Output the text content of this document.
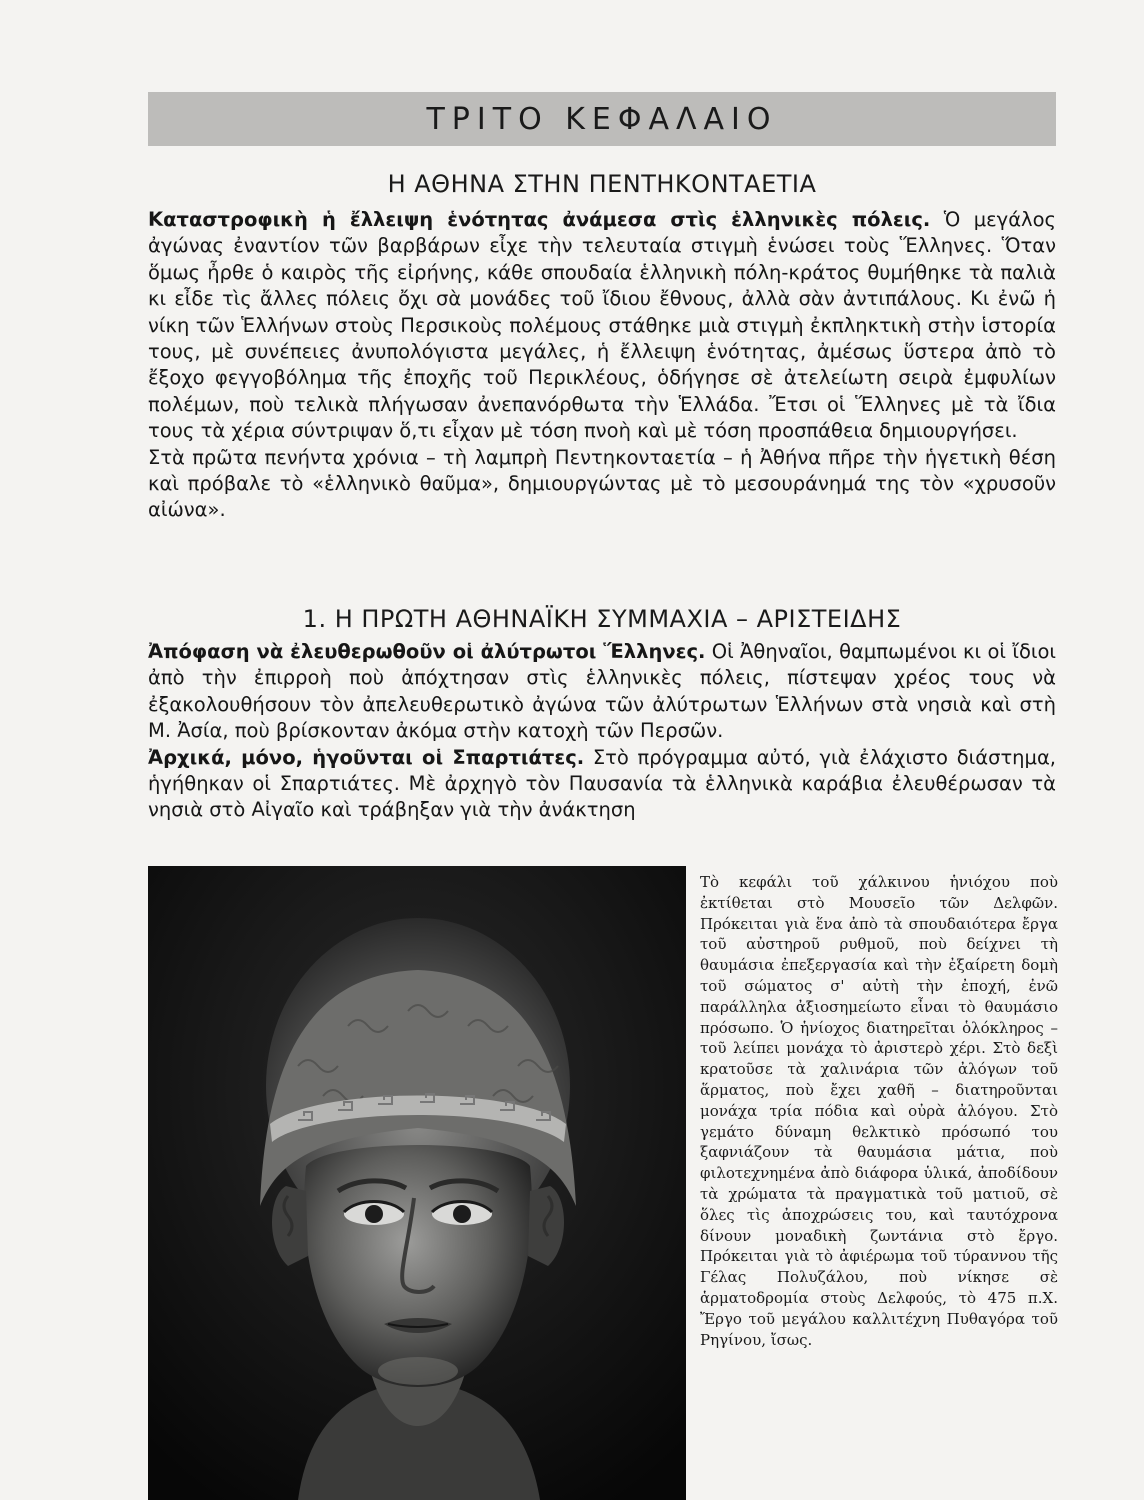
ΤΡΙΤΟ ΚΕΦΑΛΑΙΟ
Η ΑΘΗΝΑ ΣΤΗΝ ΠΕΝΤΗΚΟΝΤΑΕΤΙΑ

Καταστροφικὴ ἡ ἔλλειψη ἑνότητας ἀνάμεσα στὶς ἑλληνικὲς πόλεις. Ὁ μεγάλος ἀγώνας ἐναντίον τῶν βαρβάρων εἶχε τὴν τελευταία στιγμὴ ἑνώσει τοὺς Ἕλληνες. Ὅταν ὅμως ἦρθε ὁ καιρὸς τῆς εἰρήνης, κάθε σπουδαία ἑλληνικὴ πόλη-κράτος θυμήθηκε τὰ παλιὰ κι εἶδε τὶς ἄλλες πόλεις ὄχι σὰ μονάδες τοῦ ἴδιου ἔθνους, ἀλλὰ σὰν ἀντιπάλους. Κι ἐνῶ ἡ νίκη τῶν Ἑλλήνων στοὺς Περσικοὺς πολέμους στάθηκε μιὰ στιγμὴ ἐκπληκτικὴ στὴν ἱστορία τους, μὲ συνέπειες ἀνυπολόγιστα μεγάλες, ἡ ἔλλειψη ἑνότητας, ἀμέσως ὕστερα ἀπὸ τὸ ἔξοχο φεγγοβόλημα τῆς ἐποχῆς τοῦ Περικλέους, ὁδήγησε σὲ ἀτελείωτη σειρὰ ἐμφυλίων πολέμων, ποὺ τελικὰ πλήγωσαν ἀνεπανόρθωτα τὴν Ἑλλάδα. Ἔτσι οἱ Ἕλληνες μὲ τὰ ἴδια τους τὰ χέρια σύντριψαν ὅ,τι εἶχαν μὲ τόση πνοὴ καὶ μὲ τόση προσπάθεια δημιουργήσει.

Στὰ πρῶτα πενήντα χρόνια – τὴ λαμπρὴ Πεντηκονταετία – ἡ Ἀθήνα πῆρε τὴν ἡγετικὴ θέση καὶ πρόβαλε τὸ «ἑλληνικὸ θαῦμα», δημιουργώντας μὲ τὸ μεσουράνημά της τὸν «χρυσοῦν αἰώνα».

1. Η ΠΡΩΤΗ ΑΘΗΝΑΪΚΗ ΣΥΜΜΑΧΙΑ – ΑΡΙΣΤΕΙΔΗΣ

Ἀπόφαση νὰ ἐλευθερωθοῦν οἱ ἀλύτρωτοι Ἕλληνες. Οἱ Ἀθηναῖοι, θαμπωμένοι κι οἱ ἴδιοι ἀπὸ τὴν ἐπιρροὴ ποὺ ἀπόχτησαν στὶς ἑλληνικὲς πόλεις, πίστεψαν χρέος τους νὰ ἐξακολουθήσουν τὸν ἀπελευθερωτικὸ ἀγώνα τῶν ἀλύτρωτων Ἑλλήνων στὰ νησιὰ καὶ στὴ Μ. Ἀσία, ποὺ βρίσκονταν ἀκόμα στὴν κατοχὴ τῶν Περσῶν.

Ἀρχικά, μόνο, ἡγοῦνται οἱ Σπαρτιάτες. Στὸ πρόγραμμα αὐτό, γιὰ ἐλάχιστο διάστημα, ἡγήθηκαν οἱ Σπαρτιάτες. Μὲ ἀρχηγὸ τὸν Παυσανία τὰ ἑλληνικὰ καράβια ἐλευθέρωσαν τὰ νησιὰ στὸ Αἰγαῖο καὶ τράβηξαν γιὰ τὴν ἀνάκτηση

Τὸ κεφάλι τοῦ χάλκινου ἡνιόχου ποὺ ἐκτίθεται στὸ Μουσεῖο τῶν Δελφῶν. Πρόκειται γιὰ ἕνα ἀπὸ τὰ σπουδαιότερα ἔργα τοῦ αὐστηροῦ ρυθμοῦ, ποὺ δείχνει τὴ θαυμάσια ἐπεξεργασία καὶ τὴν ἐξαίρετη δομὴ τοῦ σώματος σ' αὐτὴ τὴν ἐποχή, ἐνῶ παράλληλα ἀξιοσημείωτο εἶναι τὸ θαυμάσιο πρόσωπο. Ὁ ἡνίοχος διατηρεῖται ὁλόκληρος – τοῦ λείπει μονάχα τὸ ἀριστερὸ χέρι. Στὸ δεξὶ κρατοῦσε τὰ χαλινάρια τῶν ἀλόγων τοῦ ἅρματος, ποὺ ἔχει χαθῆ – διατηροῦνται μονάχα τρία πόδια καὶ οὐρὰ ἀλόγου. Στὸ γεμάτο δύναμη θελκτικὸ πρόσωπό του ξαφνιάζουν τὰ θαυμάσια μάτια, ποὺ φιλοτεχνημένα ἀπὸ διάφορα ὑλικά, ἀποδίδουν τὰ χρώματα τὰ πραγματικὰ τοῦ ματιοῦ, σὲ ὅλες τὶς ἀποχρώσεις του, καὶ ταυτόχρονα δίνουν μοναδικὴ ζωντάνια στὸ ἔργο. Πρόκειται γιὰ τὸ ἀφιέρωμα τοῦ τύραννου τῆς Γέλας Πολυζάλου, ποὺ νίκησε σὲ ἁρματοδρομία στοὺς Δελφούς, τὸ 475 π.Χ. Ἔργο τοῦ μεγάλου καλλιτέχνη Πυθαγόρα τοῦ Ρηγίνου, ἴσως.
